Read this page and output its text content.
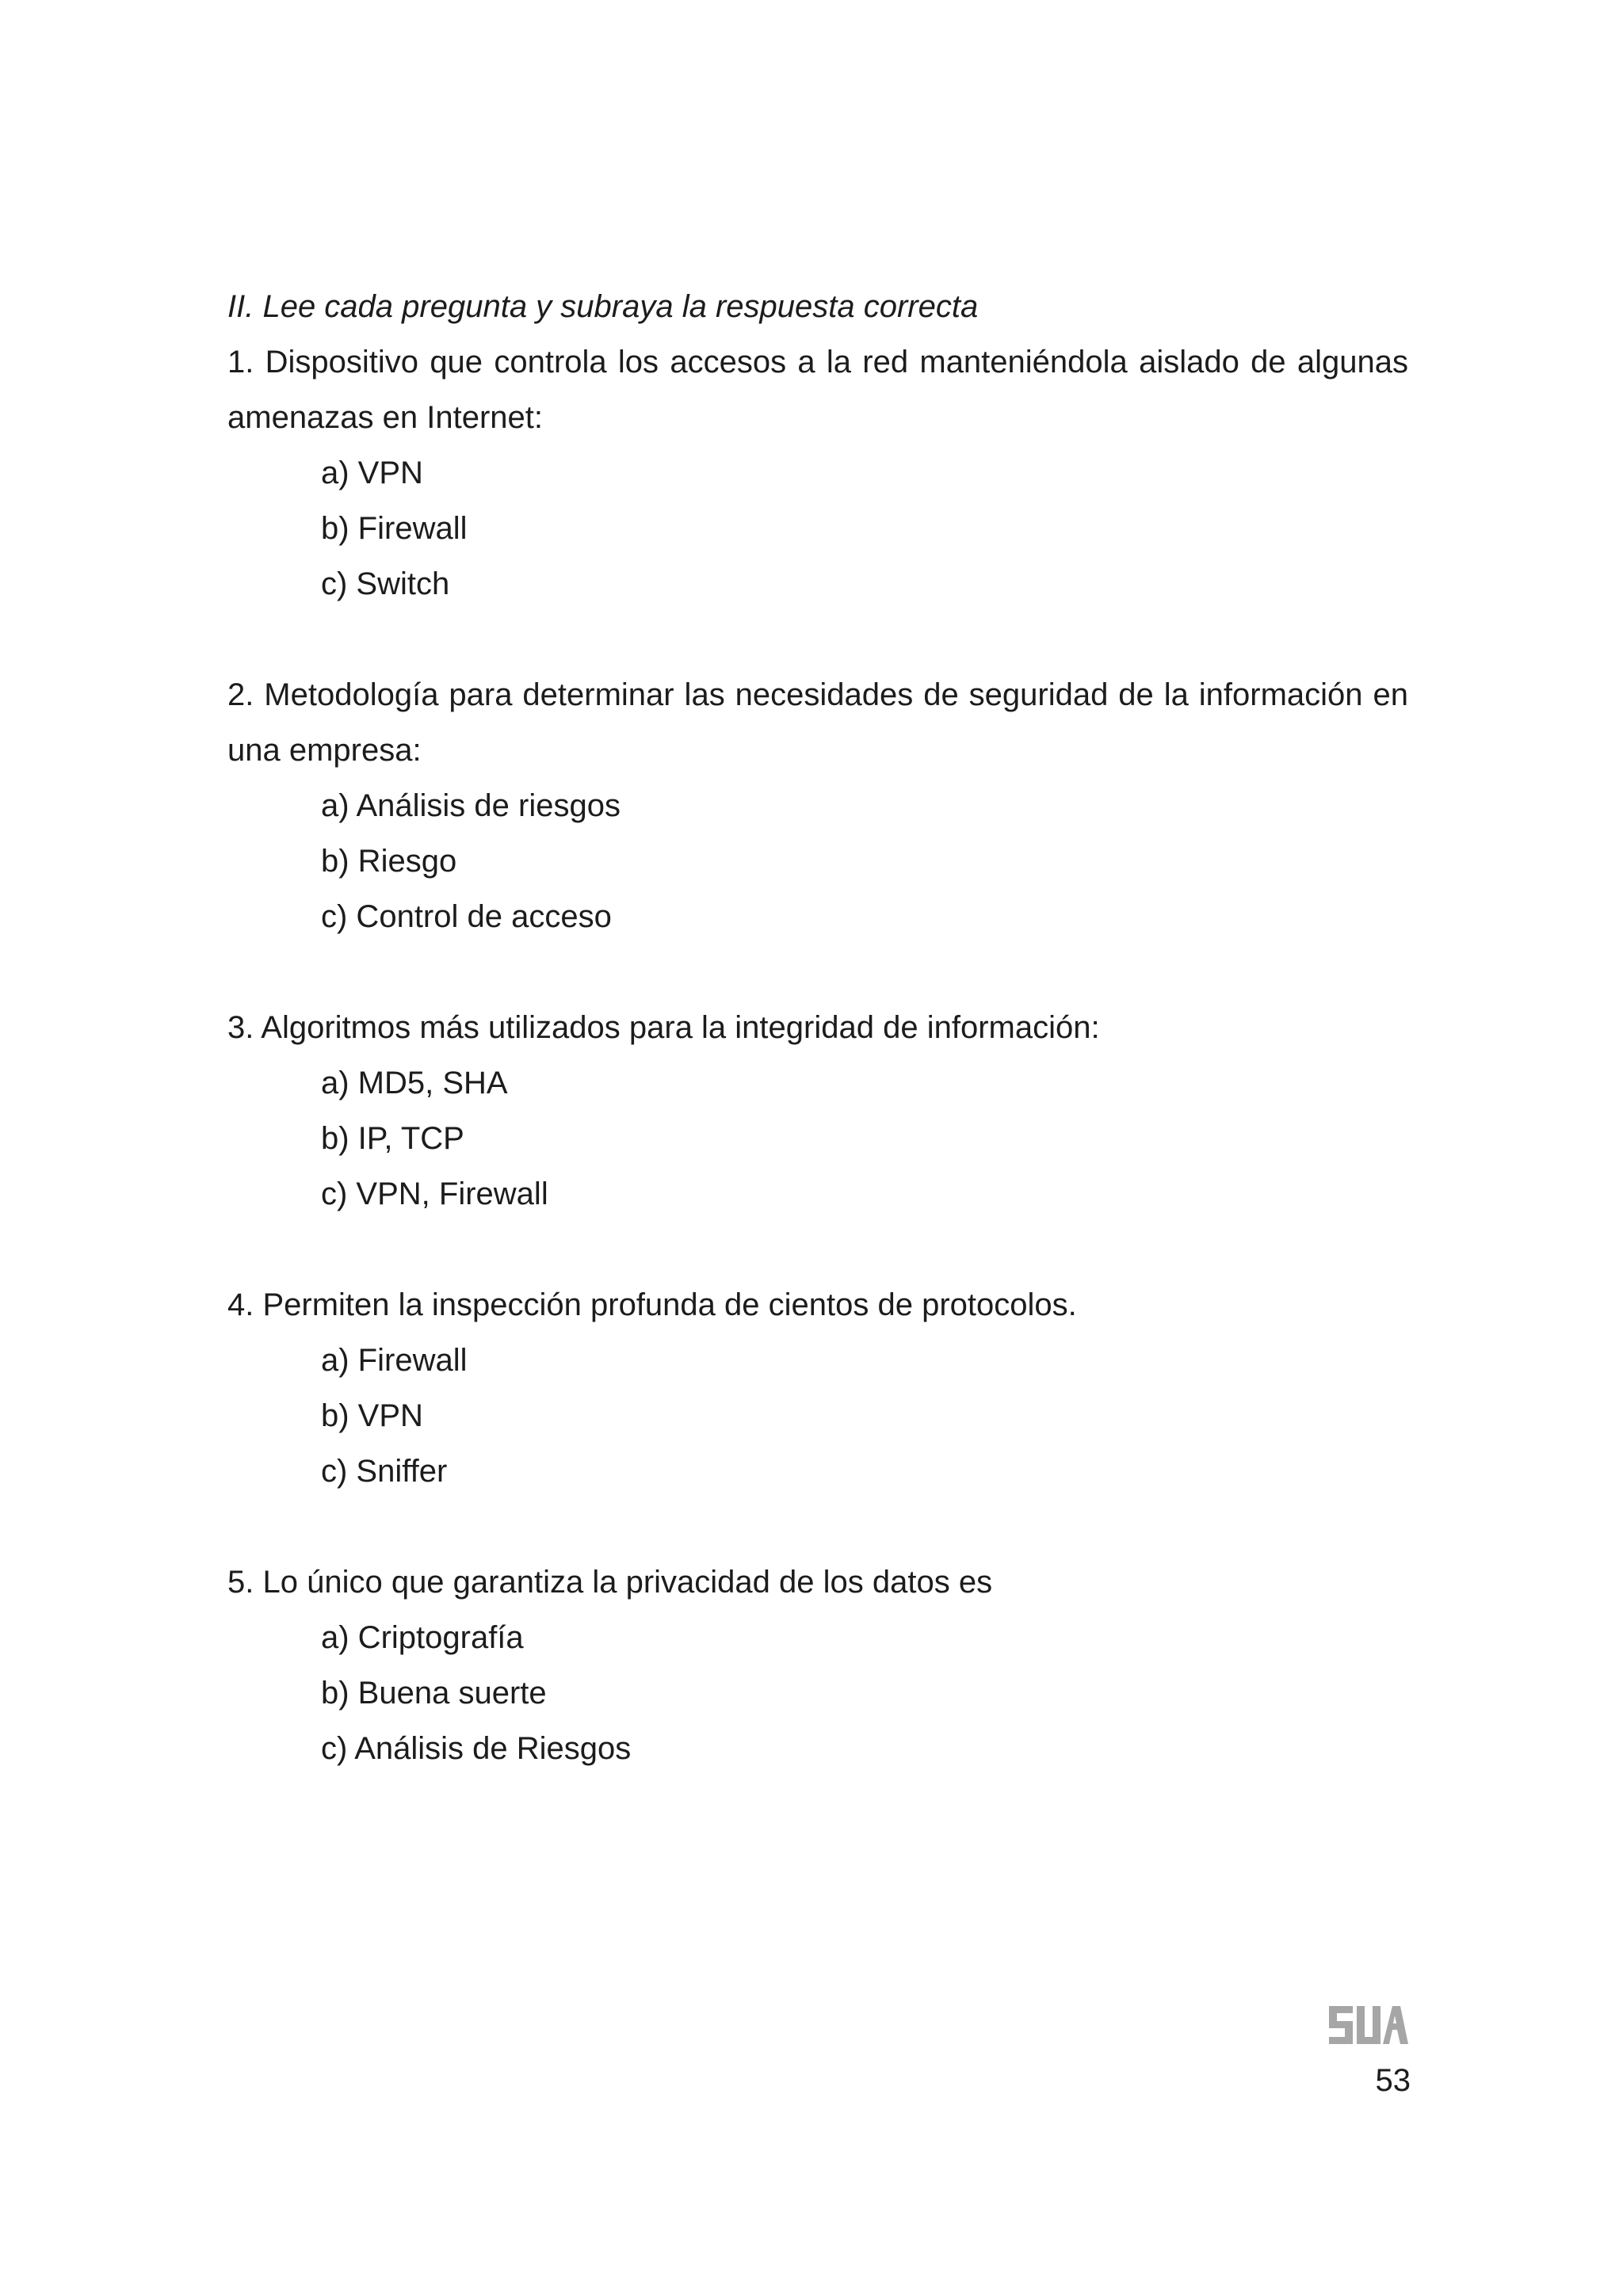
II. Lee cada pregunta y subraya la respuesta correcta

1. Dispositivo que controla los accesos a la red manteniéndola aislado de algunas amenazas en Internet:

a) VPN
b) Firewall
c) Switch

2. Metodología para determinar las necesidades de seguridad de la información en una empresa:

a) Análisis de riesgos
b) Riesgo
c) Control de acceso

3. Algoritmos más utilizados para la integridad de información:

a) MD5, SHA
b) IP, TCP
c) VPN, Firewall

4. Permiten la inspección profunda de cientos de protocolos.

a) Firewall
b) VPN
c) Sniffer

5. Lo único que garantiza la privacidad de los datos es

a) Criptografía
b) Buena suerte
c) Análisis de Riesgos
53
